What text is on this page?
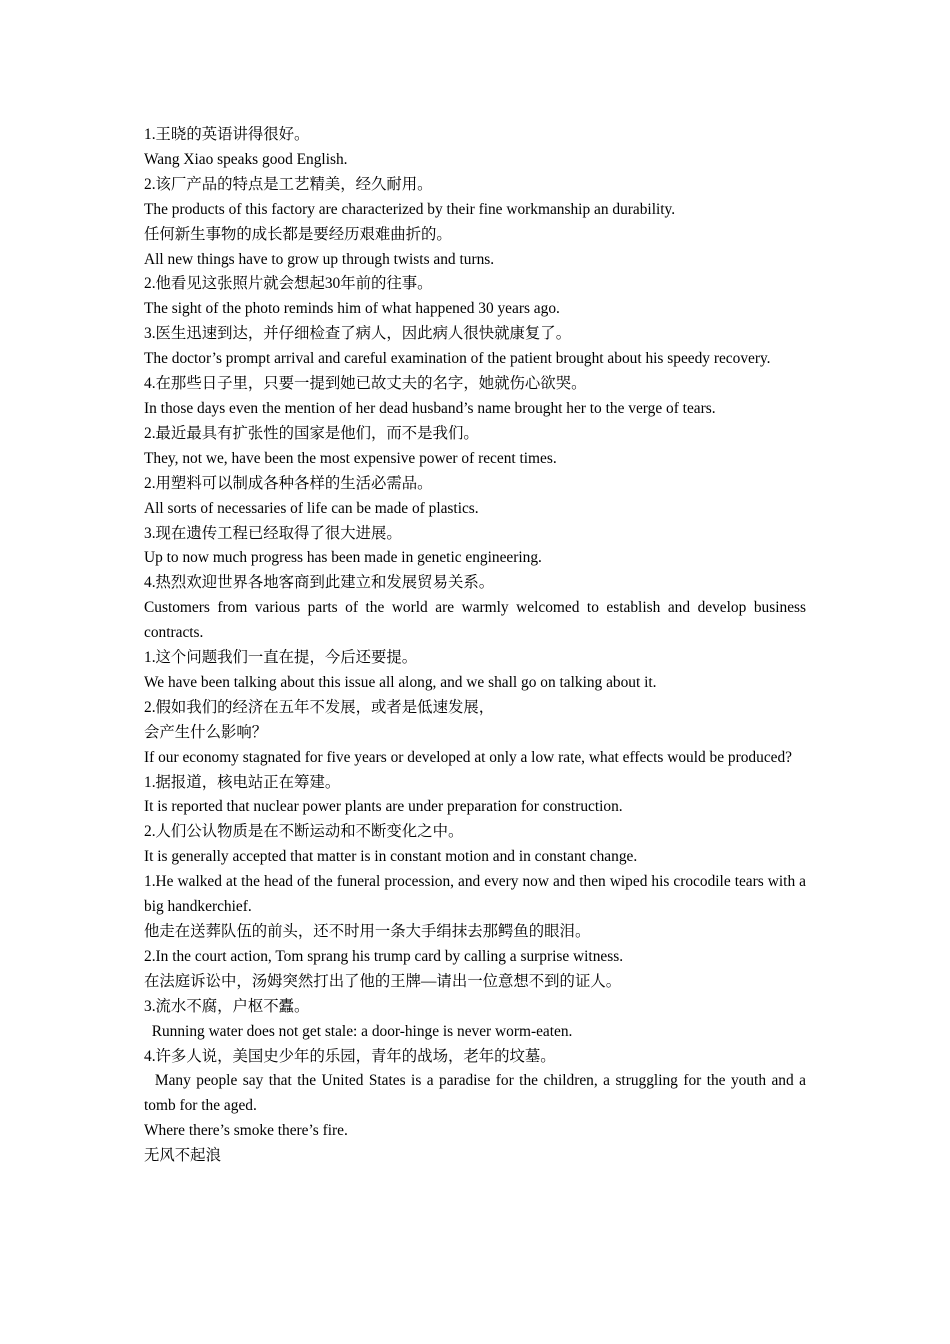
1.王晓的英语讲得很好。

Wang Xiao speaks good English.

2.该厂产品的特点是工艺精美，经久耐用。

The products of this factory are characterized by their fine workmanship an durability.

任何新生事物的成长都是要经历艰难曲折的。

All new things have to grow up through twists and turns.

2.他看见这张照片就会想起30年前的往事。

The sight of the photo reminds him of what happened 30 years ago.

3.医生迅速到达，并仔细检查了病人，因此病人很快就康复了。

The doctor’s prompt arrival and careful examination of the patient brought about his speedy recovery.

4.在那些日子里，只要一提到她已故丈夫的名字，她就伤心欲哭。

In those days even the mention of her dead husband’s name brought her to the verge of tears.

2.最近最具有扩张性的国家是他们，而不是我们。

They, not we, have been the most expensive power of recent times.

2.用塑料可以制成各种各样的生活必需品。

All sorts of necessaries of life can be made of plastics.

3.现在遗传工程已经取得了很大进展。

Up to now much progress has been made in genetic engineering.

4.热烈欢迎世界各地客商到此建立和发展贸易关系。

Customers from various parts of the world are warmly welcomed to establish and develop business contracts.

1.这个问题我们一直在提，今后还要提。

We have been talking about this issue all along, and we shall go on talking about it.

2.假如我们的经济在五年不发展，或者是低速发展，

会产生什么影响？

If our economy stagnated for five years or developed at only a low rate, what effects would be produced?

1.据报道，核电站正在筹建。

It is reported that nuclear power plants are under preparation for construction.

2.人们公认物质是在不断运动和不断变化之中。

It is generally accepted that matter is in constant motion and in constant change.

1.He walked at the head of the funeral procession, and every now and then wiped his crocodile tears with a big handkerchief.

他走在送葬队伍的前头，还不时用一条大手绢抹去那鳄鱼的眼泪。

2.In the court action, Tom sprang his trump card by calling a surprise witness.

在法庭诉讼中，汤姆突然打出了他的王牌—请出一位意想不到的证人。

3.流水不腐，户枢不蠹。

Running water does not get stale: a door-hinge is never worm-eaten.

4.许多人说，美国史少年的乐园，青年的战场，老年的坟墓。

Many people say that the United States is a paradise for the children, a struggling for the youth and a tomb for the aged.

Where there’s smoke there’s fire.

无风不起浪
